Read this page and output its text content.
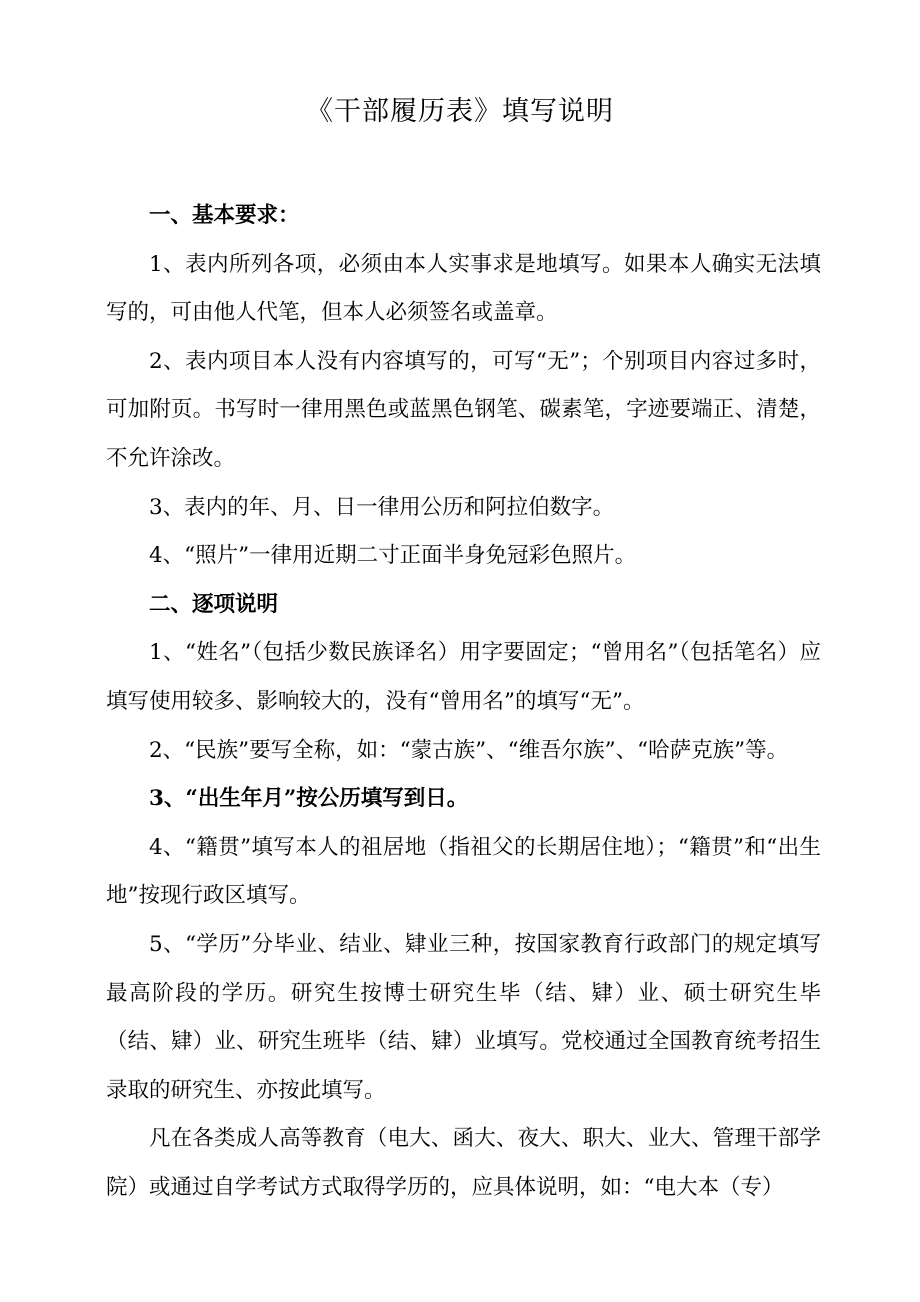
《干部履历表》填写说明

一、基本要求：

1、表内所列各项，必须由本人实事求是地填写。如果本人确实无法填写的，可由他人代笔，但本人必须签名或盖章。

2、表内项目本人没有内容填写的，可写“无”；个别项目内容过多时，可加附页。书写时一律用黑色或蓝黑色钢笔、碳素笔，字迹要端正、清楚，不允许涂改。

3、表内的年、月、日一律用公历和阿拉伯数字。

4、“照片”一律用近期二寸正面半身免冠彩色照片。

二、逐项说明

1、“姓名”（包括少数民族译名）用字要固定；“曾用名”（包括笔名）应填写使用较多、影响较大的，没有“曾用名”的填写“无”。

2、“民族”要写全称，如：“蒙古族”、“维吾尔族”、“哈萨克族”等。

3、“出生年月”按公历填写到日。

4、“籍贯”填写本人的祖居地（指祖父的长期居住地）；“籍贯”和“出生地”按现行政区填写。

5、“学历”分毕业、结业、肄业三种，按国家教育行政部门的规定填写最高阶段的学历。研究生按博士研究生毕（结、肄）业、硕士研究生毕（结、肄）业、研究生班毕（结、肄）业填写。党校通过全国教育统考招生录取的研究生、亦按此填写。

凡在各类成人高等教育（电大、函大、夜大、职大、业大、管理干部学院）或通过自学考试方式取得学历的，应具体说明，如：“电大本（专）
